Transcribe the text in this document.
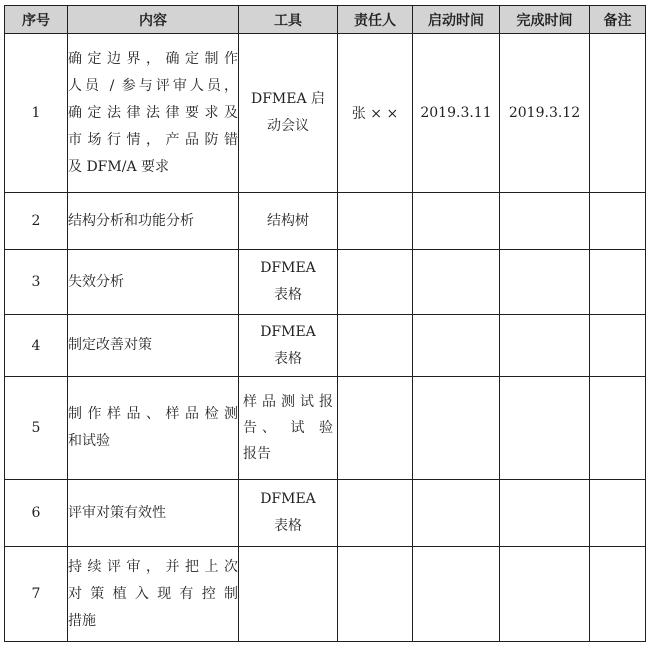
序号	内容	工具	责任人	启动时间	完成时间	备注
1	确定边界，确定制作
人员 / 参与评审人员，
确定法律法律要求及
市场行情，产品防错
及 DFM/A 要求	DFMEA 启
动会议	张 × ×	2019.3.11	2019.3.12	
2	结构分析和功能分析	结构树				

3	失效分析	DFMEA
表格				

4	制定改善对策	DFMEA
表格				

5	制作样品、样品检测
和试验	样品测试报
告、 试 验
报告				

6	评审对策有效性	DFMEA
表格				

7	持续评审，并把上次
对策植入现有控制
措施					
